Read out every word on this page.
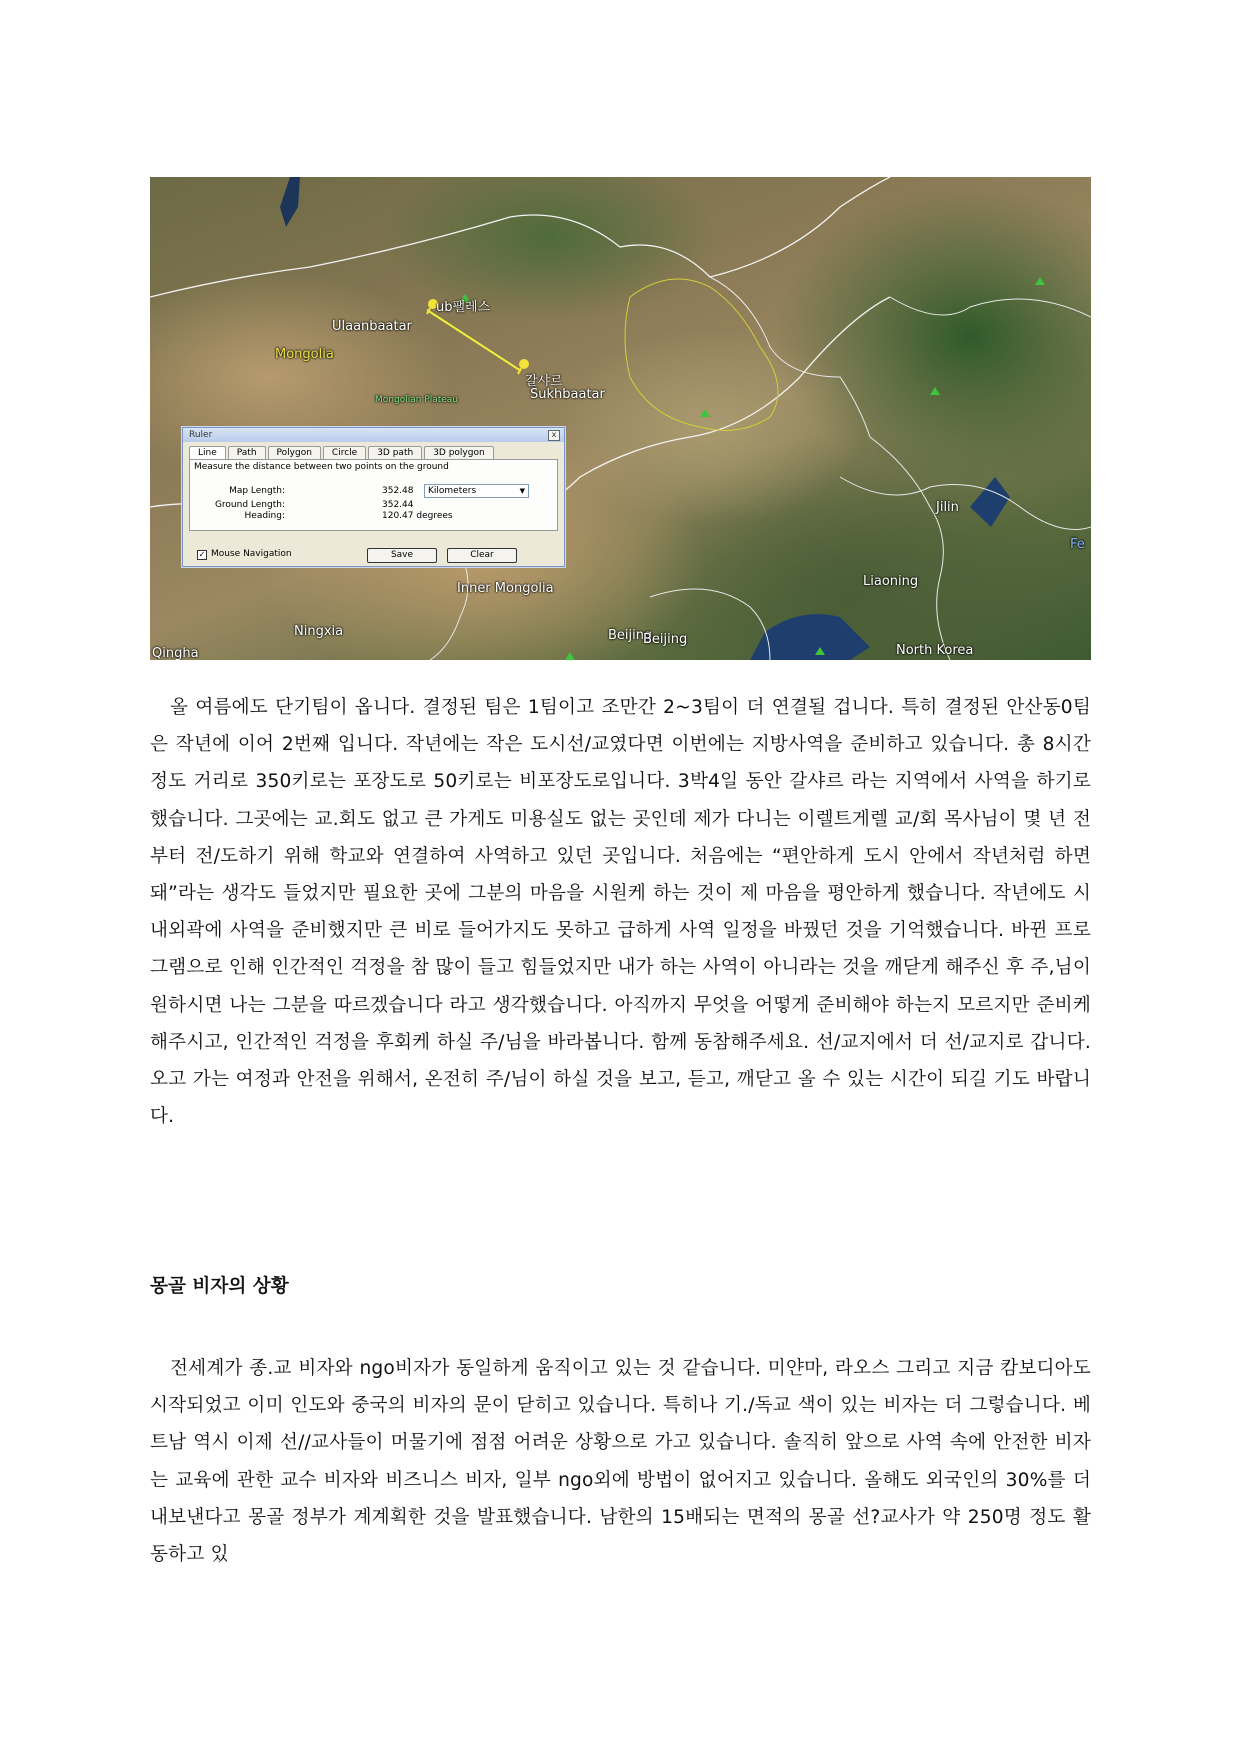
ub팰레스
Ulaanbaatar
Mongolia
Mongolian Plateau
갈샤르
Sukhbaatar
Jilin
Liaoning
Inner Mongolia
Ningxia	Beijing
Beijing
North Korea
Qingha
Fe
Ruler	x
Line	Path	Polygon	Circle	3D path	3D polygon
Measure the distance between two points on the ground
Map Length:	352.48	Kilometers	▼
Ground Length:	352.44
Heading:	120.47 degrees
✓ Mouse Navigation	Save	Clear

올 여름에도 단기팀이 옵니다. 결정된 팀은 1팀이고 조만간 2~3팀이 더 연결될 겁니다. 특히 결정된 안산동0팀은 작년에 이어 2번째 입니다. 작년에는 작은 도시선/교였다면 이번에는 지방사역을 준비하고 있습니다. 총 8시간 정도 거리로 350키로는 포장도로 50키로는 비포장도로입니다. 3박4일 동안 갈샤르 라는 지역에서 사역을 하기로 했습니다. 그곳에는 교.회도 없고 큰 가게도 미용실도 없는 곳인데 제가 다니는 이렐트게렐 교/회 목사님이 몇 년 전부터 전/도하기 위해 학교와 연결하여 사역하고 있던 곳입니다. 처음에는 “편안하게 도시 안에서 작년처럼 하면 돼”라는 생각도 들었지만 필요한 곳에 그분의 마음을 시원케 하는 것이 제 마음을 평안하게 했습니다. 작년에도 시내외곽에 사역을 준비했지만 큰 비로 들어가지도 못하고 급하게 사역 일정을 바꿨던 것을 기억했습니다. 바뀐 프로그램으로 인해 인간적인 걱정을 참 많이 들고 힘들었지만 내가 하는 사역이 아니라는 것을 깨닫게 해주신 후 주,님이 원하시면 나는 그분을 따르겠습니다 라고 생각했습니다. 아직까지 무엇을 어떻게 준비해야 하는지 모르지만 준비케 해주시고, 인간적인 걱정을 후회케 하실 주/님을 바라봅니다. 함께 동참해주세요. 선/교지에서 더 선/교지로 갑니다. 오고 가는 여정과 안전을 위해서, 온전히 주/님이 하실 것을 보고, 듣고, 깨닫고 올 수 있는 시간이 되길 기도 바랍니다.

몽골 비자의 상황

전세계가 종.교 비자와 ngo비자가 동일하게 움직이고 있는 것 같습니다. 미얀마, 라오스 그리고 지금 캄보디아도 시작되었고 이미 인도와 중국의 비자의 문이 닫히고 있습니다. 특히나 기./독교 색이 있는 비자는 더 그렇습니다. 베트남 역시 이제 선//교사들이 머물기에 점점 어려운 상황으로 가고 있습니다. 솔직히 앞으로 사역 속에 안전한 비자는 교육에 관한 교수 비자와 비즈니스 비자, 일부 ngo외에 방법이 없어지고 있습니다. 올해도 외국인의 30%를 더 내보낸다고 몽골 정부가 계계획한 것을 발표했습니다. 남한의 15배되는 면적의 몽골 선?교사가 약 250명 정도 활동하고 있
